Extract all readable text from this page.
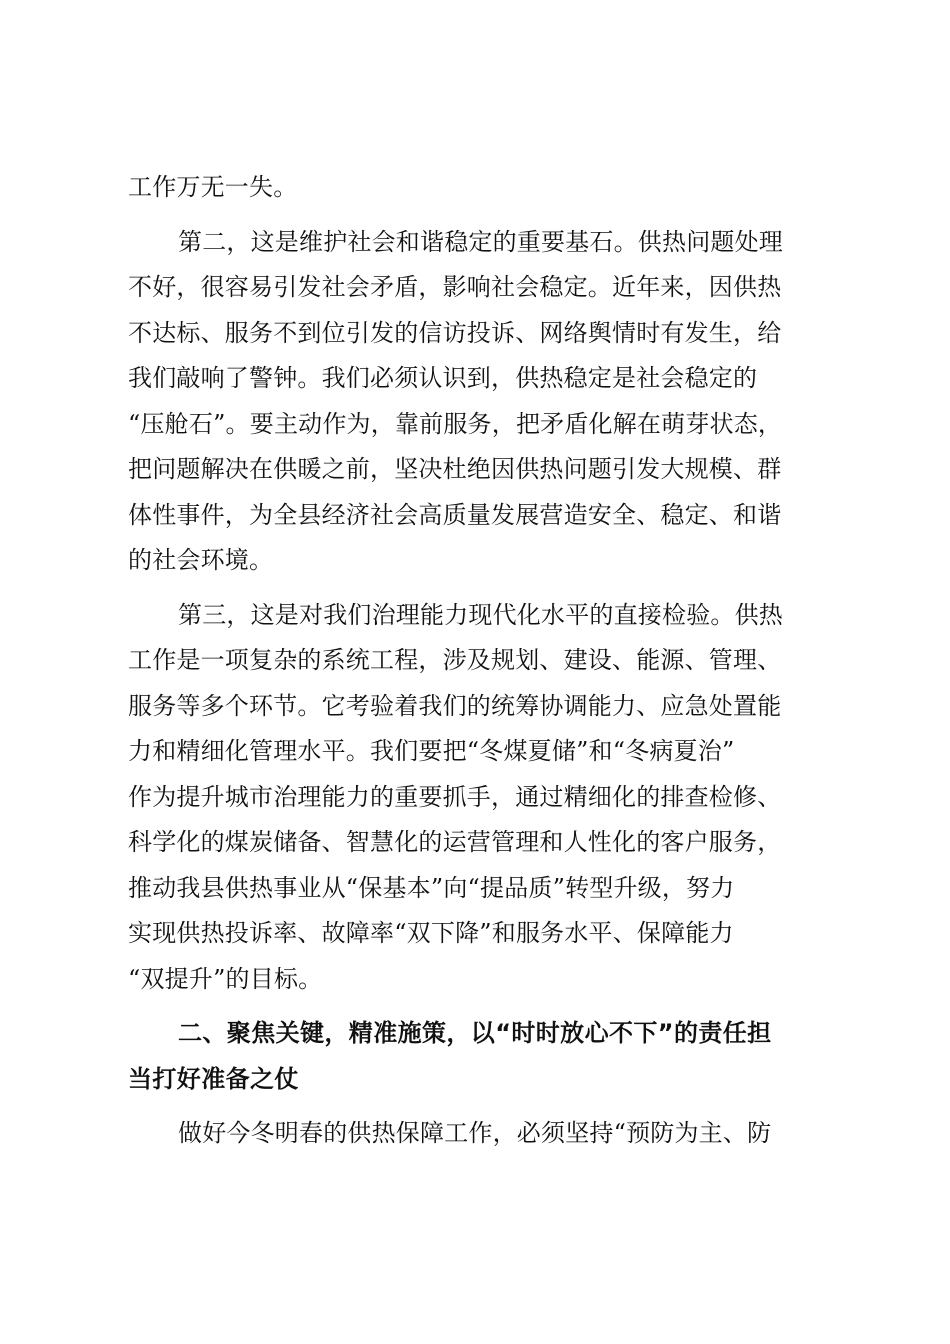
工作万无一失。
第二，这是维护社会和谐稳定的重要基石。供热问题处理
不好，很容易引发社会矛盾，影响社会稳定。近年来，因供热
不达标、服务不到位引发的信访投诉、网络舆情时有发生，给
我们敲响了警钟。我们必须认识到，供热稳定是社会稳定的
“压舱石”。要主动作为，靠前服务，把矛盾化解在萌芽状态，
把问题解决在供暖之前，坚决杜绝因供热问题引发大规模、群
体性事件，为全县经济社会高质量发展营造安全、稳定、和谐
的社会环境。
第三，这是对我们治理能力现代化水平的直接检验。供热
工作是一项复杂的系统工程，涉及规划、建设、能源、管理、
服务等多个环节。它考验着我们的统筹协调能力、应急处置能
力和精细化管理水平。我们要把“冬煤夏储”和“冬病夏治”
作为提升城市治理能力的重要抓手，通过精细化的排查检修、
科学化的煤炭储备、智慧化的运营管理和人性化的客户服务，
推动我县供热事业从“保基本”向“提品质”转型升级，努力
实现供热投诉率、故障率“双下降”和服务水平、保障能力
“双提升”的目标。
二、聚焦关键，精准施策，以“时时放心不下”的责任担
当打好准备之仗
做好今冬明春的供热保障工作，必须坚持“预防为主、防
